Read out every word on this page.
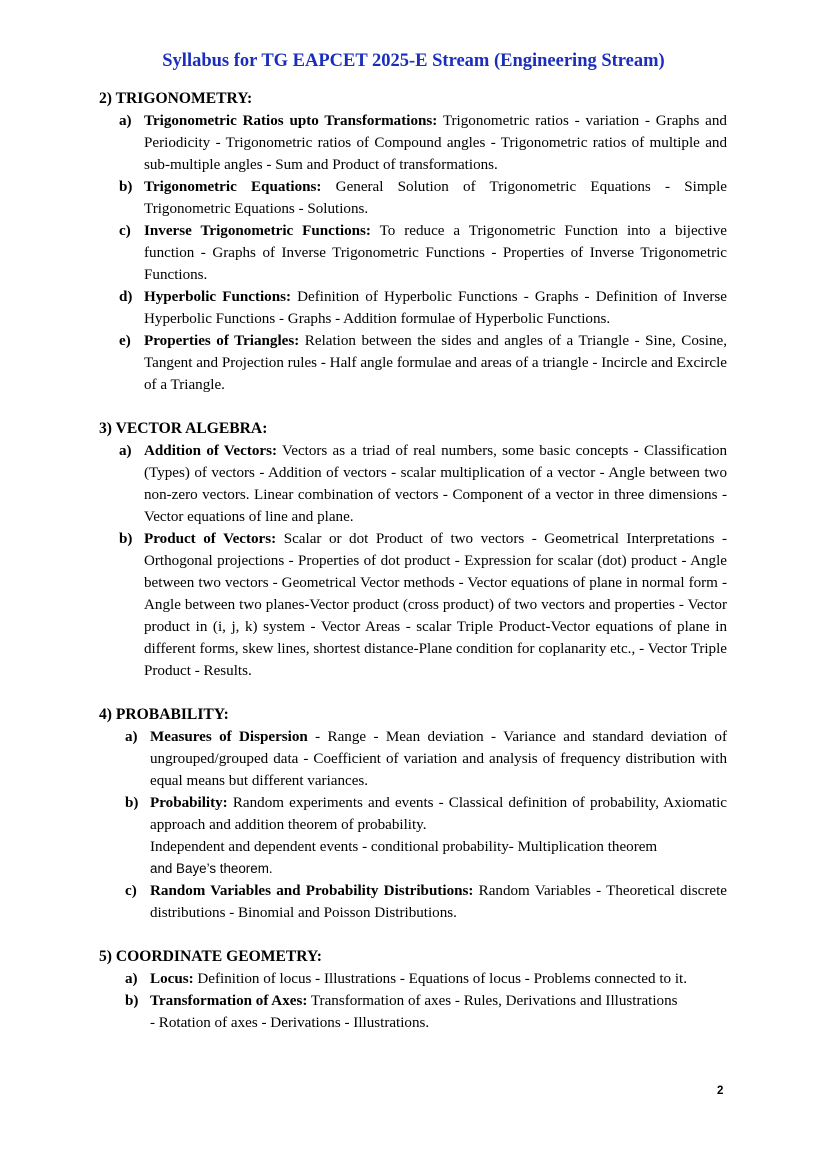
Syllabus for TG EAPCET 2025-E Stream (Engineering Stream)
2) TRIGONOMETRY:
a) Trigonometric Ratios upto Transformations: Trigonometric ratios - variation - Graphs and Periodicity - Trigonometric ratios of Compound angles - Trigonometric ratios of multiple and sub-multiple angles - Sum and Product of transformations.
b) Trigonometric Equations: General Solution of Trigonometric Equations - Simple Trigonometric Equations - Solutions.
c) Inverse Trigonometric Functions: To reduce a Trigonometric Function into a bijective function - Graphs of Inverse Trigonometric Functions - Properties of Inverse Trigonometric Functions.
d) Hyperbolic Functions: Definition of Hyperbolic Functions - Graphs - Definition of Inverse Hyperbolic Functions - Graphs - Addition formulae of Hyperbolic Functions.
e) Properties of Triangles: Relation between the sides and angles of a Triangle - Sine, Cosine, Tangent and Projection rules - Half angle formulae and areas of a triangle - Incircle and Excircle of a Triangle.
3) VECTOR ALGEBRA:
a) Addition of Vectors: Vectors as a triad of real numbers, some basic concepts - Classification (Types) of vectors - Addition of vectors - scalar multiplication of a vector - Angle between two non-zero vectors. Linear combination of vectors - Component of a vector in three dimensions - Vector equations of line and plane.
b) Product of Vectors: Scalar or dot Product of two vectors - Geometrical Interpretations - Orthogonal projections - Properties of dot product - Expression for scalar (dot) product - Angle between two vectors - Geometrical Vector methods - Vector equations of plane in normal form - Angle between two planes-Vector product (cross product) of two vectors and properties - Vector product in (i, j, k) system - Vector Areas - scalar Triple Product-Vector equations of plane in different forms, skew lines, shortest distance-Plane condition for coplanarity etc., - Vector Triple Product - Results.
4) PROBABILITY:
a) Measures of Dispersion - Range - Mean deviation - Variance and standard deviation of ungrouped/grouped data - Coefficient of variation and analysis of frequency distribution with equal means but different variances.
b) Probability: Random experiments and events - Classical definition of probability, Axiomatic approach and addition theorem of probability.
Independent and dependent events - conditional probability- Multiplication theorem
and Baye’s theorem.
c) Random Variables and Probability Distributions: Random Variables - Theoretical discrete distributions - Binomial and Poisson Distributions.
5) COORDINATE GEOMETRY:
a) Locus: Definition of locus - Illustrations - Equations of locus - Problems connected to it.
b) Transformation of Axes: Transformation of axes - Rules, Derivations and Illustrations
- Rotation of axes - Derivations - Illustrations.
2
